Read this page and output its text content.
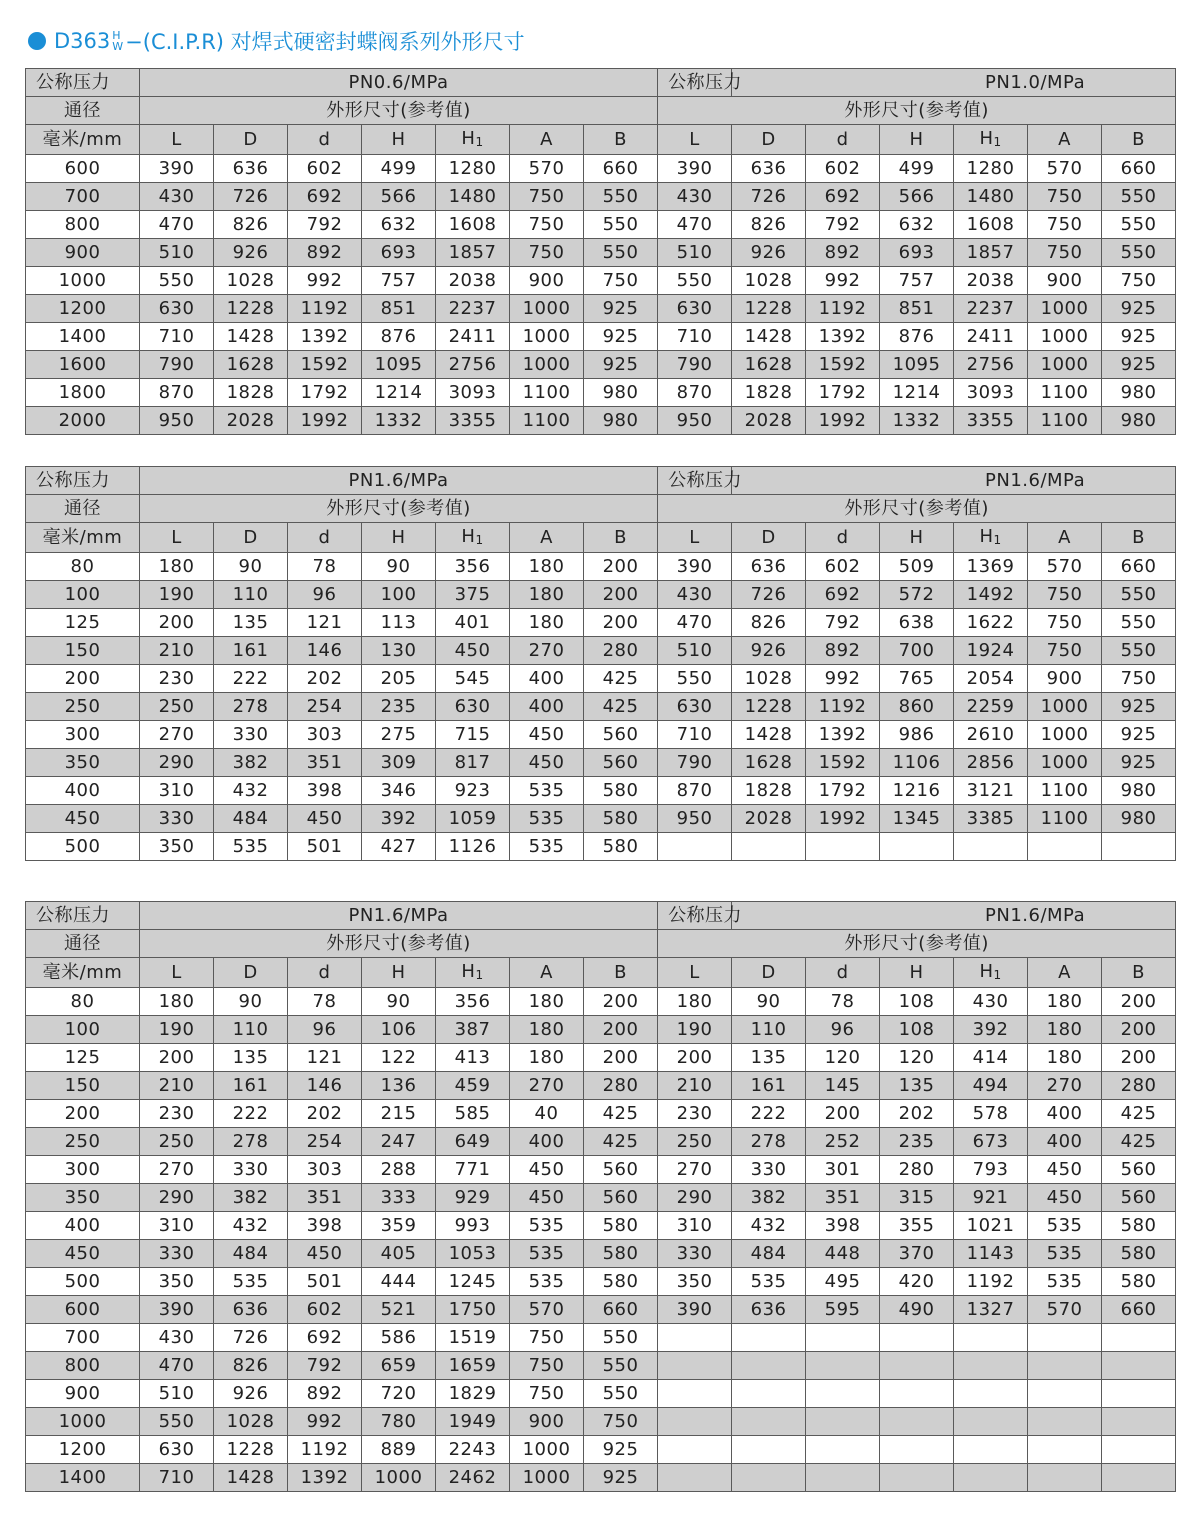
D363 H
W −(C.I.P.R) 对焊式硬密封蝶阀系列外形尺寸
公称压力	PN0.6/MPa							公称压力	PN1.0/MPa					
通径	外形尺寸(参考值)							外形尺寸(参考值)						
毫米/mm	L	D	d	H	$H_1$	A	B	L	D	d	H	$H_1$	A	B
600	390	636	602	499	1280	570	660	390	636	602	499	1280	570	660
700	430	726	692	566	1480	750	550	430	726	692	566	1480	750	550
800	470	826	792	632	1608	750	550	470	826	792	632	1608	750	550
900	510	926	892	693	1857	750	550	510	926	892	693	1857	750	550
1000	550	1028	992	757	2038	900	750	550	1028	992	757	2038	900	750
1200	630	1228	1192	851	2237	1000	925	630	1228	1192	851	2237	1000	925
1400	710	1428	1392	876	2411	1000	925	710	1428	1392	876	2411	1000	925
1600	790	1628	1592	1095	2756	1000	925	790	1628	1592	1095	2756	1000	925
1800	870	1828	1792	1214	3093	1100	980	870	1828	1792	1214	3093	1100	980
2000	950	2028	1992	1332	3355	1100	980	950	2028	1992	1332	3355	1100	980
公称压力	PN1.6/MPa							公称压力	PN1.6/MPa					
通径	外形尺寸(参考值)							外形尺寸(参考值)						
毫米/mm	L	D	d	H	$H_1$	A	B	L	D	d	H	$H_1$	A	B
80	180	90	78	90	356	180	200	390	636	602	509	1369	570	660
100	190	110	96	100	375	180	200	430	726	692	572	1492	750	550
125	200	135	121	113	401	180	200	470	826	792	638	1622	750	550
150	210	161	146	130	450	270	280	510	926	892	700	1924	750	550
200	230	222	202	205	545	400	425	550	1028	992	765	2054	900	750
250	250	278	254	235	630	400	425	630	1228	1192	860	2259	1000	925
300	270	330	303	275	715	450	560	710	1428	1392	986	2610	1000	925
350	290	382	351	309	817	450	560	790	1628	1592	1106	2856	1000	925
400	310	432	398	346	923	535	580	870	1828	1792	1216	3121	1100	980
450	330	484	450	392	1059	535	580	950	2028	1992	1345	3385	1100	980
500	350	535	501	427	1126	535	580							
公称压力	PN1.6/MPa							公称压力	PN1.6/MPa					
通径	外形尺寸(参考值)							外形尺寸(参考值)						
毫米/mm	L	D	d	H	$H_1$	A	B	L	D	d	H	$H_1$	A	B
80	180	90	78	90	356	180	200	180	90	78	108	430	180	200
100	190	110	96	106	387	180	200	190	110	96	108	392	180	200
125	200	135	121	122	413	180	200	200	135	120	120	414	180	200
150	210	161	146	136	459	270	280	210	161	145	135	494	270	280
200	230	222	202	215	585	40	425	230	222	200	202	578	400	425
250	250	278	254	247	649	400	425	250	278	252	235	673	400	425
300	270	330	303	288	771	450	560	270	330	301	280	793	450	560
350	290	382	351	333	929	450	560	290	382	351	315	921	450	560
400	310	432	398	359	993	535	580	310	432	398	355	1021	535	580
450	330	484	450	405	1053	535	580	330	484	448	370	1143	535	580
500	350	535	501	444	1245	535	580	350	535	495	420	1192	535	580
600	390	636	602	521	1750	570	660	390	636	595	490	1327	570	660
700	430	726	692	586	1519	750	550							
800	470	826	792	659	1659	750	550							
900	510	926	892	720	1829	750	550							
1000	550	1028	992	780	1949	900	750							
1200	630	1228	1192	889	2243	1000	925							
1400	710	1428	1392	1000	2462	1000	925							
